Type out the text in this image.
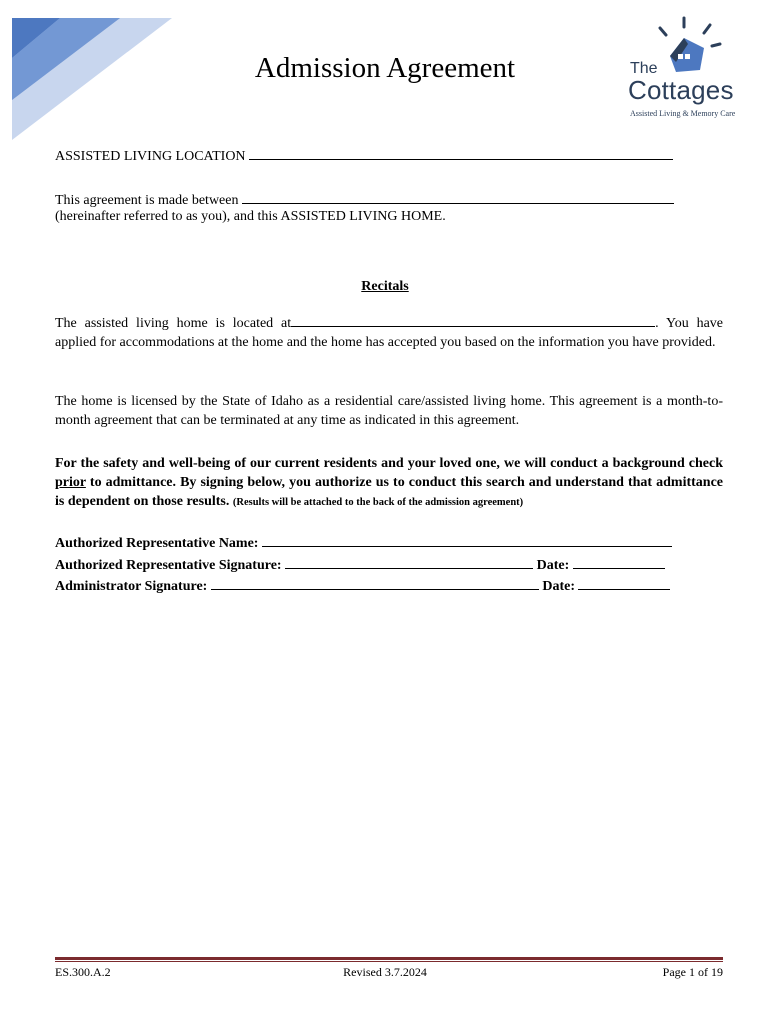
Admission Agreement	The
Cottages
Assisted Living & Memory Care
ASSISTED LIVING LOCATION
This agreement is made between
(hereinafter referred to as you), and this ASSISTED LIVING HOME.
Recitals
The assisted living home is located at	. You have applied for accommodations at the home and the home has accepted you based on the information you have provided.
The home is licensed by the State of Idaho as a residential care/assisted living home. This agreement is a month-to-month agreement that can be terminated at any time as indicated in this agreement.
For the safety and well-being of our current residents and your loved one, we will conduct a background check prior to admittance. By signing below, you authorize us to conduct this search and understand that admittance is dependent on those results. (Results will be attached to the back of the admission agreement)
Authorized Representative Name:
Authorized Representative Signature:	Date:
Administrator Signature:	Date:
ES.300.A.2	Revised 3.7.2024	Page 1 of 19
